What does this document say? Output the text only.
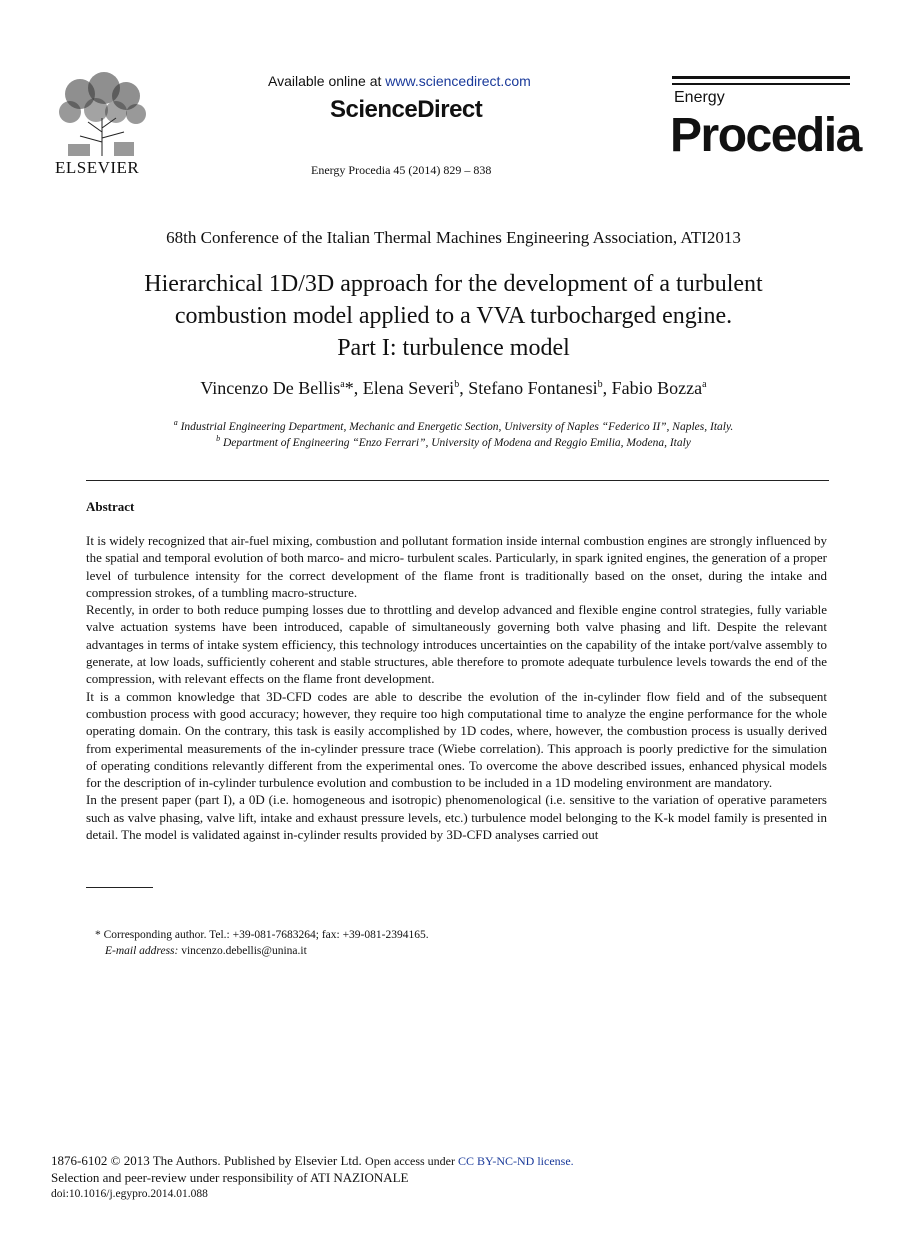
ELSEVIER
Available online at www.sciencedirect.com
ScienceDirect
Energy Procedia 45 (2014) 829 – 838
Energy
Procedia
68th Conference of the Italian Thermal Machines Engineering Association, ATI2013
Hierarchical 1D/3D approach for the development of a turbulent
combustion model applied to a VVA turbocharged engine.
Part I: turbulence model
Vincenzo De Bellis$^a$*, Elena Severi$^b$, Stefano Fontanesi$^b$, Fabio Bozza$^a$
$^a$ Industrial Engineering Department, Mechanic and Energetic Section, University of Naples “Federico II”, Naples, Italy.
$^b$ Department of Engineering “Enzo Ferrari”, University of Modena and Reggio Emilia, Modena, Italy
Abstract

It is widely recognized that air-fuel mixing, combustion and pollutant formation inside internal combustion engines are strongly influenced by the spatial and temporal evolution of both marco- and micro- turbulent scales. Particularly, in spark ignited engines, the generation of a proper level of turbulence intensity for the correct development of the flame front is traditionally based on the onset, during the intake and compression strokes, of a tumbling macro-structure.

Recently, in order to both reduce pumping losses due to throttling and develop advanced and flexible engine control strategies, fully variable valve actuation systems have been introduced, capable of simultaneously governing both valve phasing and lift. Despite the relevant advantages in terms of intake system efficiency, this technology introduces uncertainties on the capability of the intake port/valve assembly to generate, at low loads, sufficiently coherent and stable structures, able therefore to promote adequate turbulence levels towards the end of the compression, with relevant effects on the flame front development.

It is a common knowledge that 3D-CFD codes are able to describe the evolution of the in-cylinder flow field and of the subsequent combustion process with good accuracy; however, they require too high computational time to analyze the engine performance for the whole operating domain. On the contrary, this task is easily accomplished by 1D codes, where, however, the combustion process is usually derived from experimental measurements of the in-cylinder pressure trace (Wiebe correlation). This approach is poorly predictive for the simulation of operating conditions relevantly different from the experimental ones. To overcome the above described issues, enhanced physical models for the description of in-cylinder turbulence evolution and combustion to be included in a 1D modeling environment are mandatory.

In the present paper (part I), a 0D (i.e. homogeneous and isotropic) phenomenological (i.e. sensitive to the variation of operative parameters such as valve phasing, valve lift, intake and exhaust pressure levels, etc.) turbulence model belonging to the K-k model family is presented in detail. The model is validated against in-cylinder results provided by 3D-CFD analyses carried out

* Corresponding author. Tel.: +39-081-7683264; fax: +39-081-2394165.
E-mail address: vincenzo.debellis@unina.it
1876-6102 © 2013 The Authors. Published by Elsevier Ltd. Open access under CC BY-NC-ND license.
Selection and peer-review under responsibility of ATI NAZIONALE
doi:10.1016/j.egypro.2014.01.088
